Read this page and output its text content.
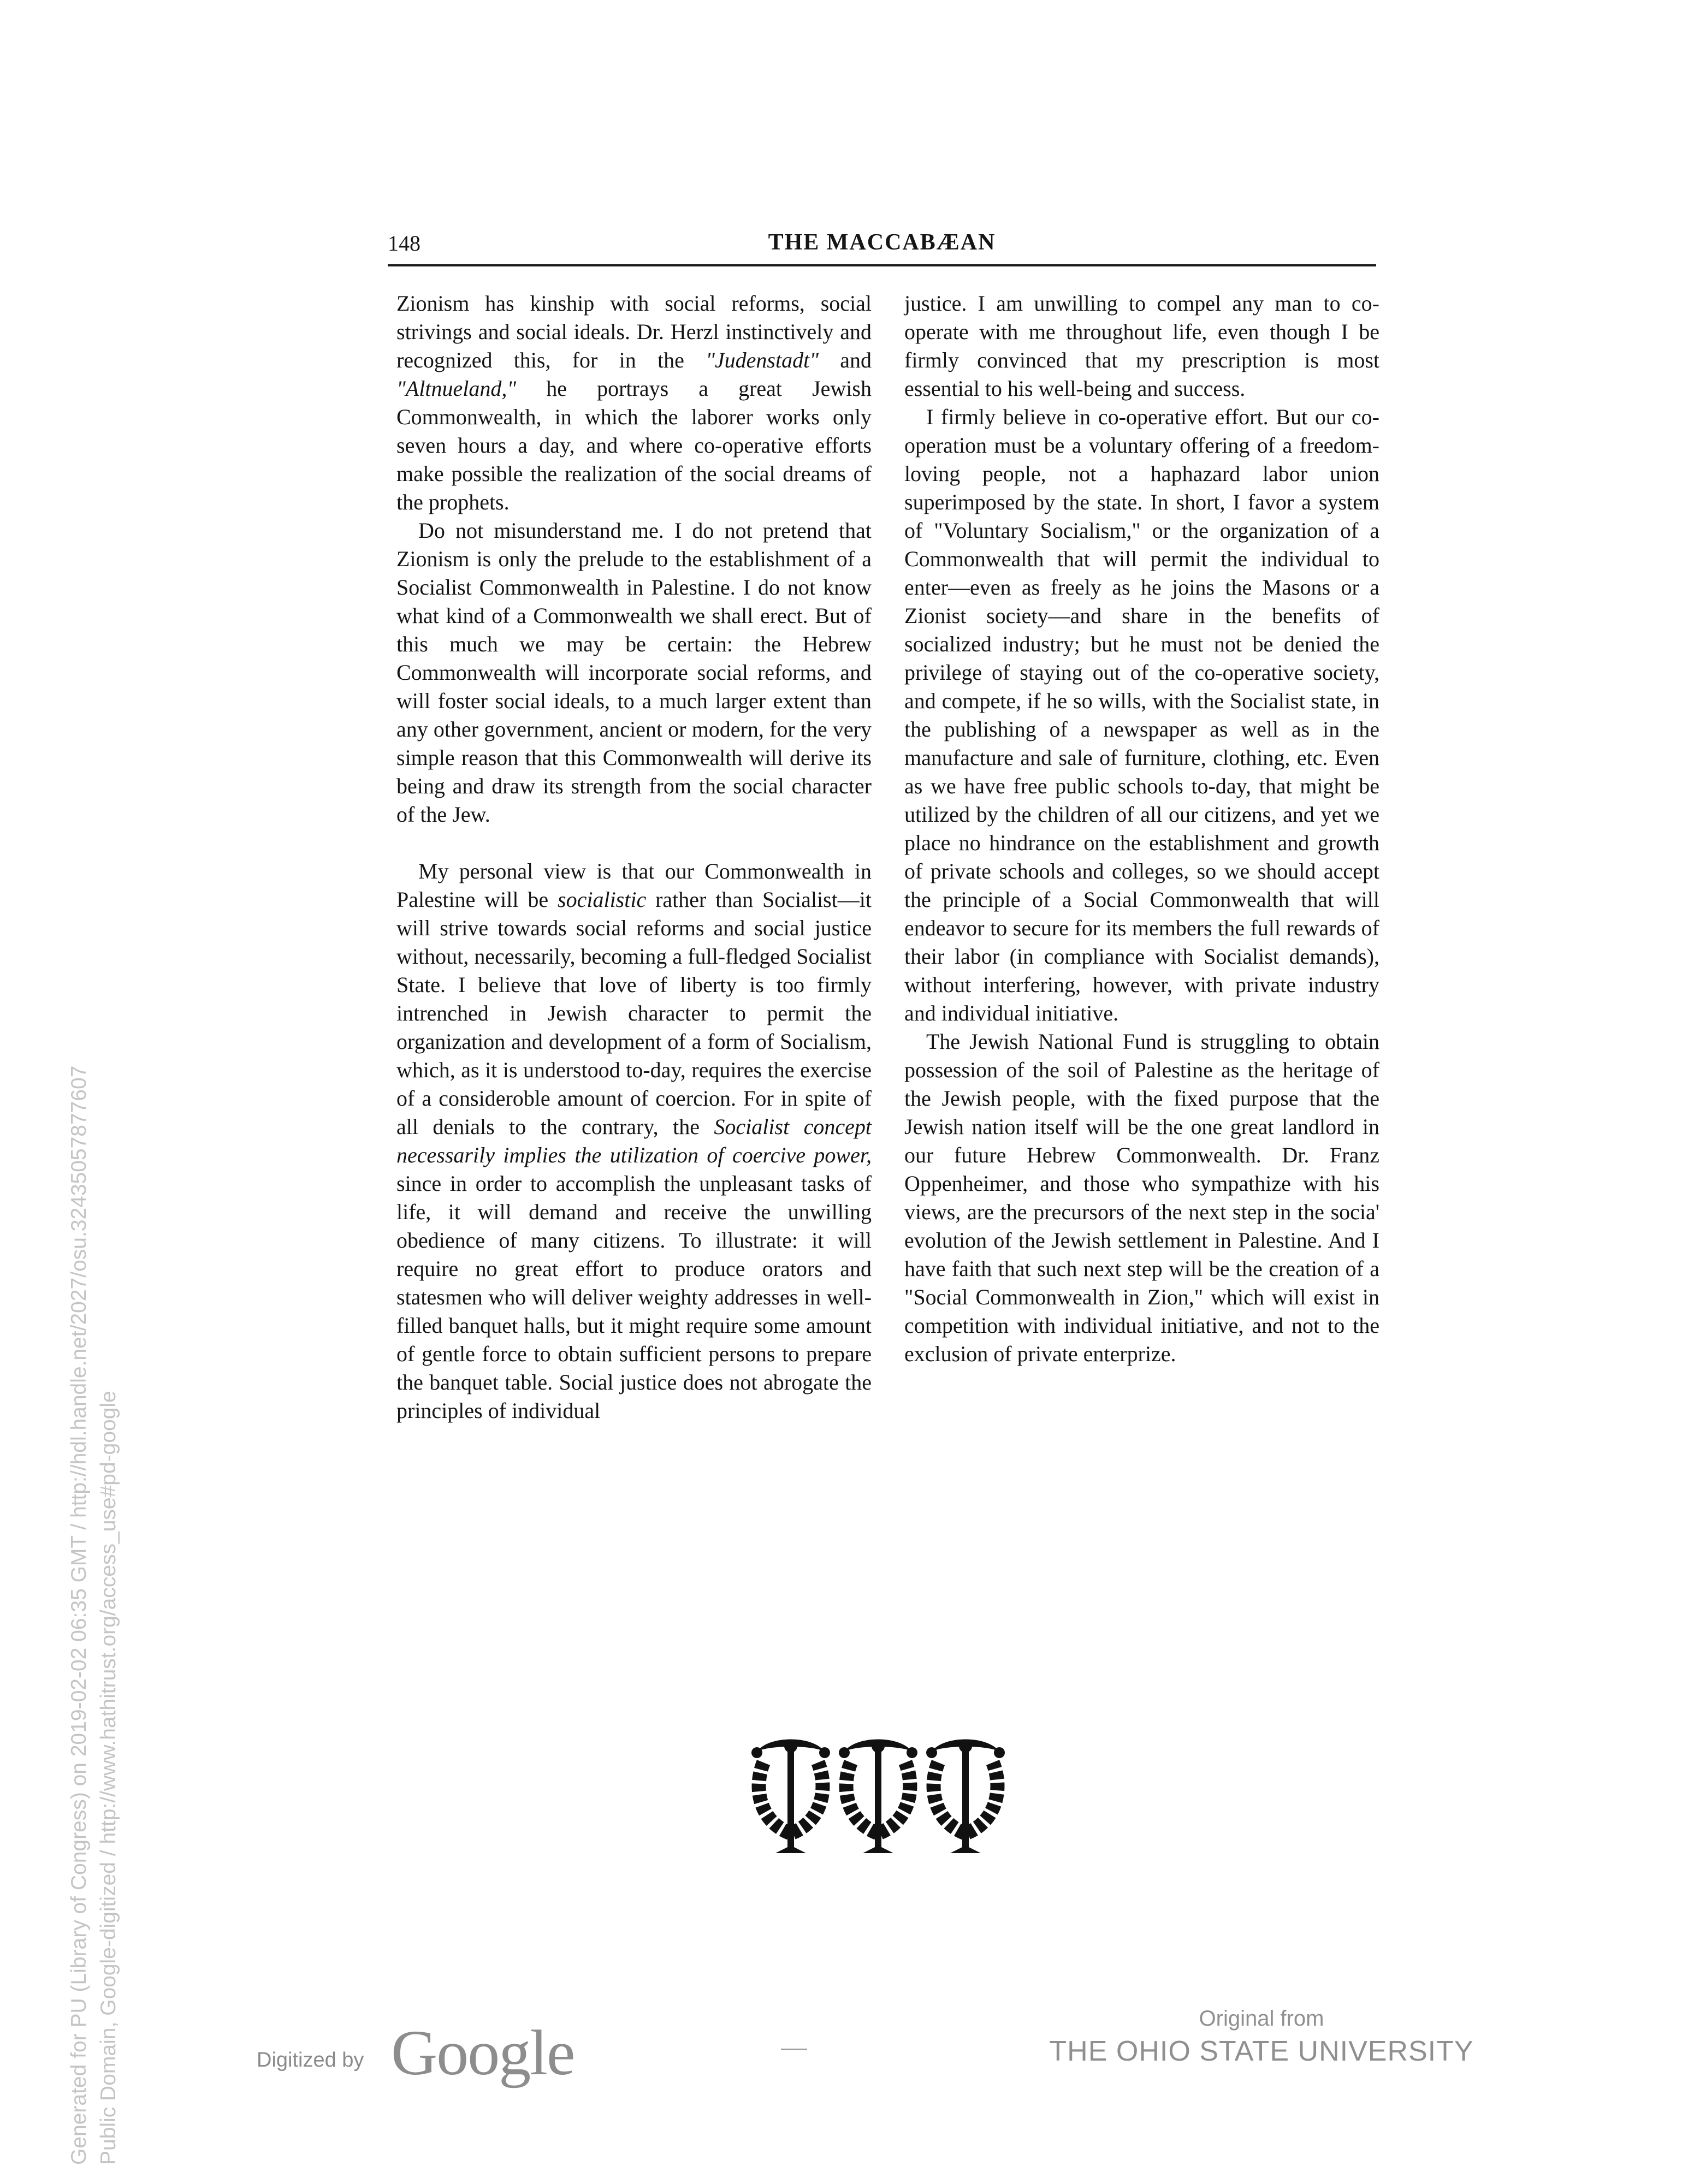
148	THE MACCABÆAN

Zionism has kinship with social reforms, social strivings and social ideals. Dr. Herzl instinctively and recognized this, for in the "Judenstadt" and "Altnueland," he portrays a great Jewish Commonwealth, in which the laborer works only seven hours a day, and where co-operative efforts make possible the realization of the social dreams of the prophets.

Do not misunderstand me. I do not pretend that Zionism is only the prelude to the establishment of a Socialist Commonwealth in Palestine. I do not know what kind of a Commonwealth we shall erect. But of this much we may be certain: the Hebrew Commonwealth will incorporate social reforms, and will foster social ideals, to a much larger extent than any other government, ancient or modern, for the very simple reason that this Commonwealth will derive its being and draw its strength from the social character of the Jew.

My personal view is that our Commonwealth in Palestine will be socialistic rather than Socialist—it will strive towards social reforms and social justice without, necessarily, becoming a full-fledged Socialist State. I believe that love of liberty is too firmly intrenched in Jewish character to permit the organization and development of a form of Socialism, which, as it is understood to-day, requires the exercise of a consideroble amount of coercion. For in spite of all denials to the contrary, the Socialist concept necessarily implies the utilization of coercive power, since in order to accomplish the unpleasant tasks of life, it will demand and receive the unwilling obedience of many citizens. To illustrate: it will require no great effort to produce orators and statesmen who will deliver weighty addresses in well-filled banquet halls, but it might require some amount of gentle force to obtain sufficient persons to prepare the banquet table. Social justice does not abrogate the principles of individual

justice. I am unwilling to compel any man to co-operate with me throughout life, even though I be firmly convinced that my prescription is most essential to his well-being and success.

I firmly believe in co-operative effort. But our co-operation must be a voluntary offering of a freedom-loving people, not a haphazard labor union superimposed by the state. In short, I favor a system of "Voluntary Socialism," or the organization of a Commonwealth that will permit the individual to enter—even as freely as he joins the Masons or a Zionist society—and share in the benefits of socialized industry; but he must not be denied the privilege of staying out of the co-operative society, and compete, if he so wills, with the Socialist state, in the publishing of a newspaper as well as in the manufacture and sale of furniture, clothing, etc. Even as we have free public schools to-day, that might be utilized by the children of all our citizens, and yet we place no hindrance on the establishment and growth of private schools and colleges, so we should accept the principle of a Social Commonwealth that will endeavor to secure for its members the full rewards of their labor (in compliance with Socialist demands), without interfering, however, with private industry and individual initiative.

The Jewish National Fund is struggling to obtain possession of the soil of Palestine as the heritage of the Jewish people, with the fixed purpose that the Jewish nation itself will be the one great landlord in our future Hebrew Commonwealth. Dr. Franz Oppenheimer, and those who sympathize with his views, are the precursors of the next step in the socia' evolution of the Jewish settlement in Palestine. And I have faith that such next step will be the creation of a "Social Commonwealth in Zion," which will exist in competition with individual initiative, and not to the exclusion of private enterprize.

Digitized by Google	Original from
THE OHIO STATE UNIVERSITY
Generated for PU (Library of Congress) on 2019-02-02 06:35 GMT / http://hdl.handle.net/2027/osu.32435057877607 Public Domain, Google-digitized / http://www.hathitrust.org/access_use#pd-google
